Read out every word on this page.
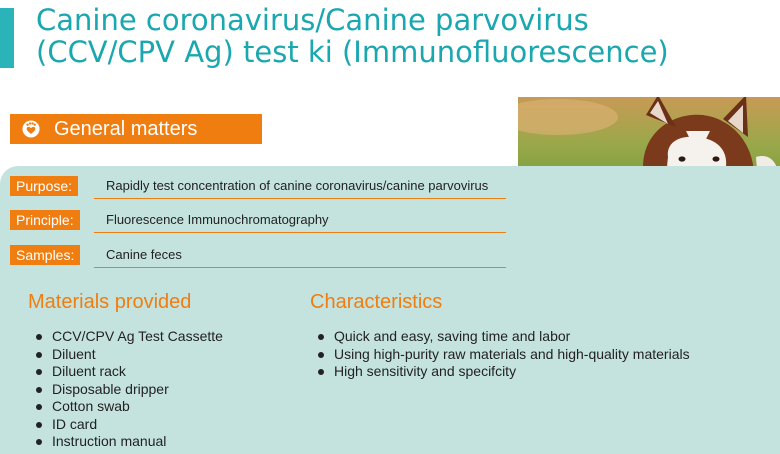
Canine coronavirus/Canine parvovirus
(CCV/CPV Ag) test ki (Immunofluorescence)
General matters
Purpose:	Rapidly test concentration of canine coronavirus/canine parvovirus
Principle:	Fluorescence Immunochromatography
Samples:	Canine feces
Materials provided
CCV/CPV Ag Test Cassette
Diluent
Diluent rack
Disposable dripper
Cotton swab
ID card
Instruction manual
Characteristics
Quick and easy, saving time and labor
Using high-purity raw materials and high-quality materials
High sensitivity and specifcity
